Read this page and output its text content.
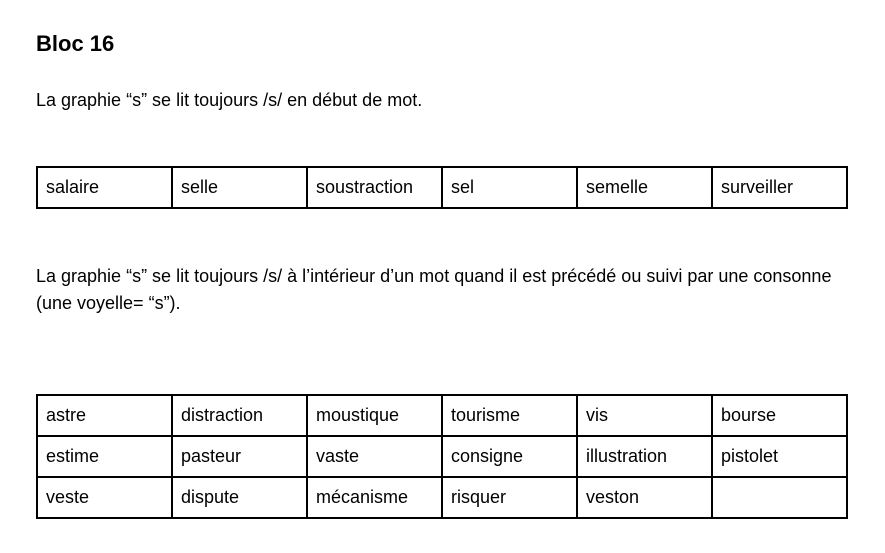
Bloc 16

La graphie “s” se lit toujours /s/ en début de mot.

salaire	selle	soustraction	sel	semelle	surveiller

La graphie “s” se lit toujours /s/ à l’intérieur d’un mot quand il est précédé ou suivi par une consonne (une voyelle= “s”).

astre	distraction	moustique	tourisme	vis	bourse
estime	pasteur	vaste	consigne	illustration	pistolet
veste	dispute	mécanisme	risquer	veston	
